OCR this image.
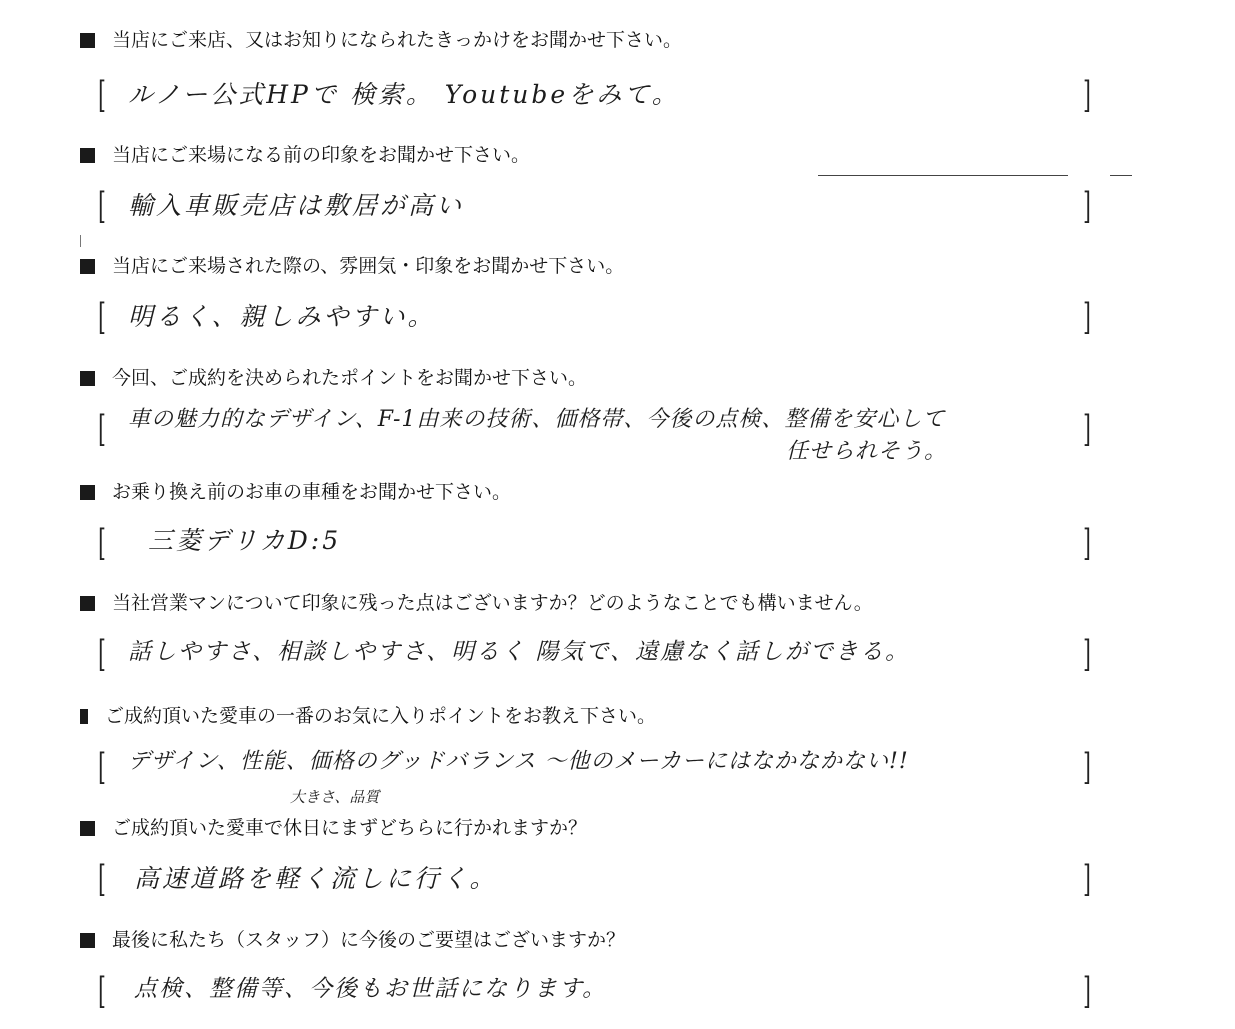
当店にご来店、又はお知りになられたきっかけをお聞かせ下さい。
[ ルノー公式HPで 検索。 Youtubeをみて。	]
当店にご来場になる前の印象をお聞かせ下さい。
[ 輸入車販売店は敷居が高い	]
当店にご来場された際の、雰囲気・印象をお聞かせ下さい。
[ 明るく、親しみやすい。	]
今回、ご成約を決められたポイントをお聞かせ下さい。
[ 車の魅力的なデザイン、F-1由来の技術、価格帯、今後の点検、整備を安心して
任せられそう。
]
お乗り換え前のお車の車種をお聞かせ下さい。
[ 三菱デリカD:5	]
当社営業マンについて印象に残った点はございますか？どのようなことでも構いません。
[ 話しやすさ、相談しやすさ、明るく 陽気で、遠慮なく話しができる。	]
ご成約頂いた愛車の一番のお気に入りポイントをお教え下さい。
[ デザイン、性能、価格のグッドバランス ～他のメーカーにはなかなかない!!
大きさ、品質
]
ご成約頂いた愛車で休日にまずどちらに行かれますか？
[ 高速道路を軽く流しに行く。	]
最後に私たち（スタッフ）に今後のご要望はございますか？
[ 点検、整備等、今後もお世話になります。	]
